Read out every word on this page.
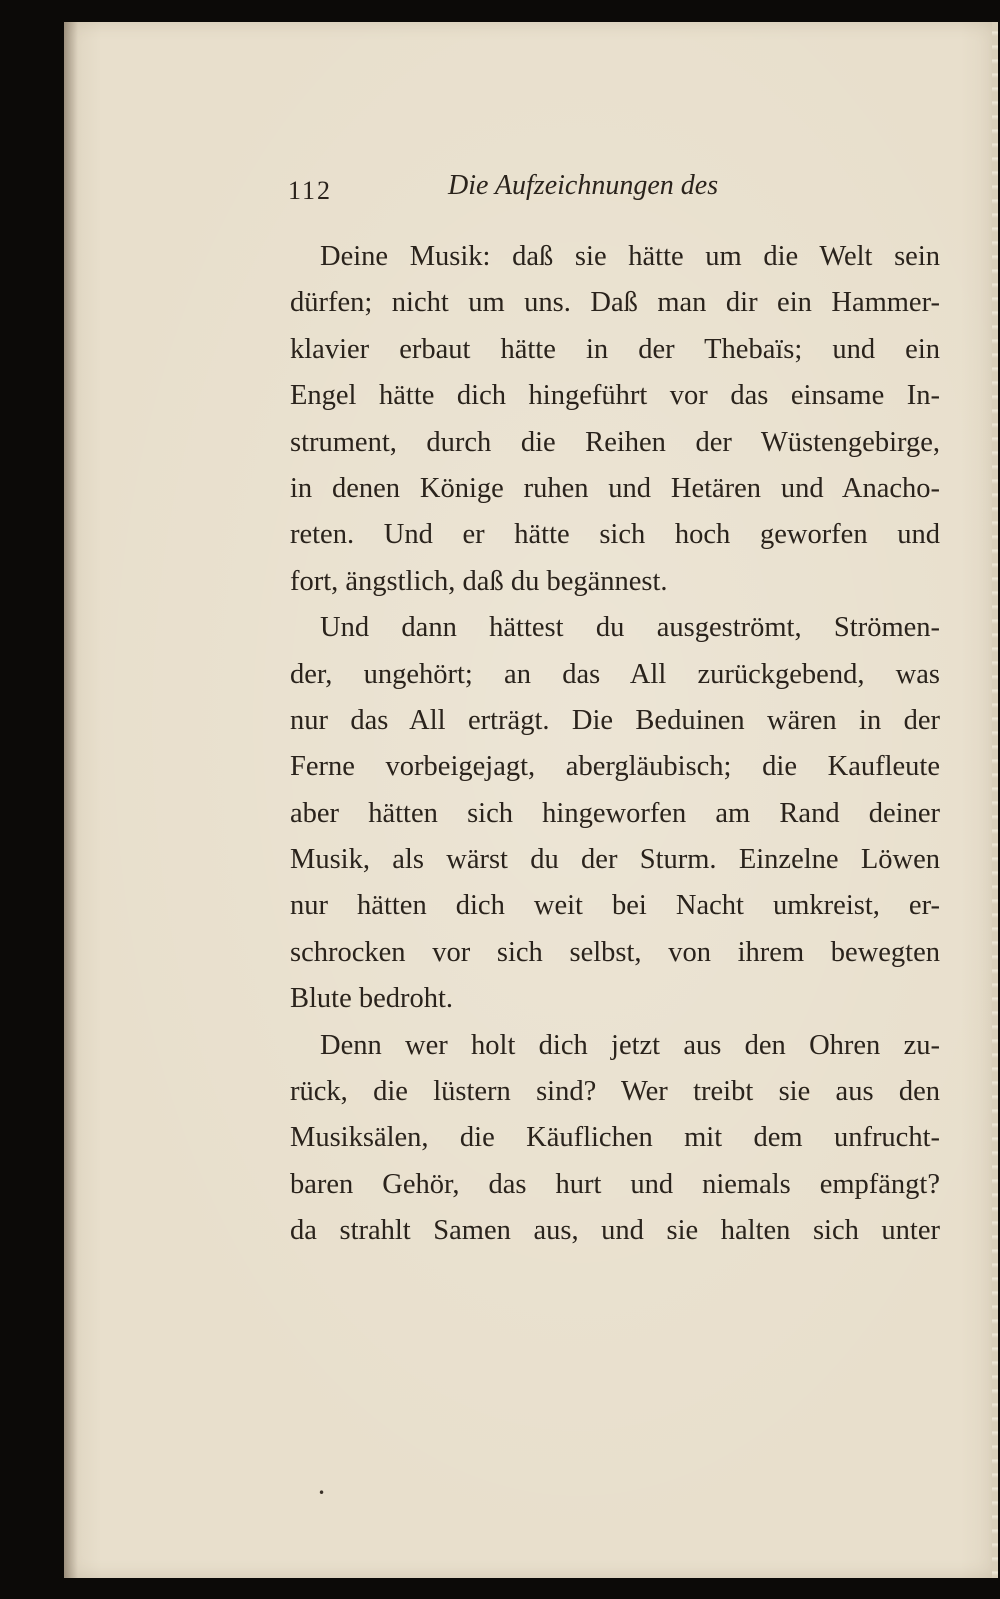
112	Die Aufzeichnungen des
Deine Musik: daß sie hätte um die Welt sein
dürfen; nicht um uns. Daß man dir ein Hammer-
klavier erbaut hätte in der Thebaïs; und ein
Engel hätte dich hingeführt vor das einsame In-
strument, durch die Reihen der Wüstengebirge,
in denen Könige ruhen und Hetären und Anacho-
reten. Und er hätte sich hoch geworfen und
fort, ängstlich, daß du begännest.
Und dann hättest du ausgeströmt, Strömen-
der, ungehört; an das All zurückgebend, was
nur das All erträgt. Die Beduinen wären in der
Ferne vorbeigejagt, abergläubisch; die Kaufleute
aber hätten sich hingeworfen am Rand deiner
Musik, als wärst du der Sturm. Einzelne Löwen
nur hätten dich weit bei Nacht umkreist, er-
schrocken vor sich selbst, von ihrem bewegten
Blute bedroht.
Denn wer holt dich jetzt aus den Ohren zu-
rück, die lüstern sind? Wer treibt sie aus den
Musiksälen, die Käuflichen mit dem unfrucht-
baren Gehör, das hurt und niemals empfängt?
da strahlt Samen aus, und sie halten sich unter
•
